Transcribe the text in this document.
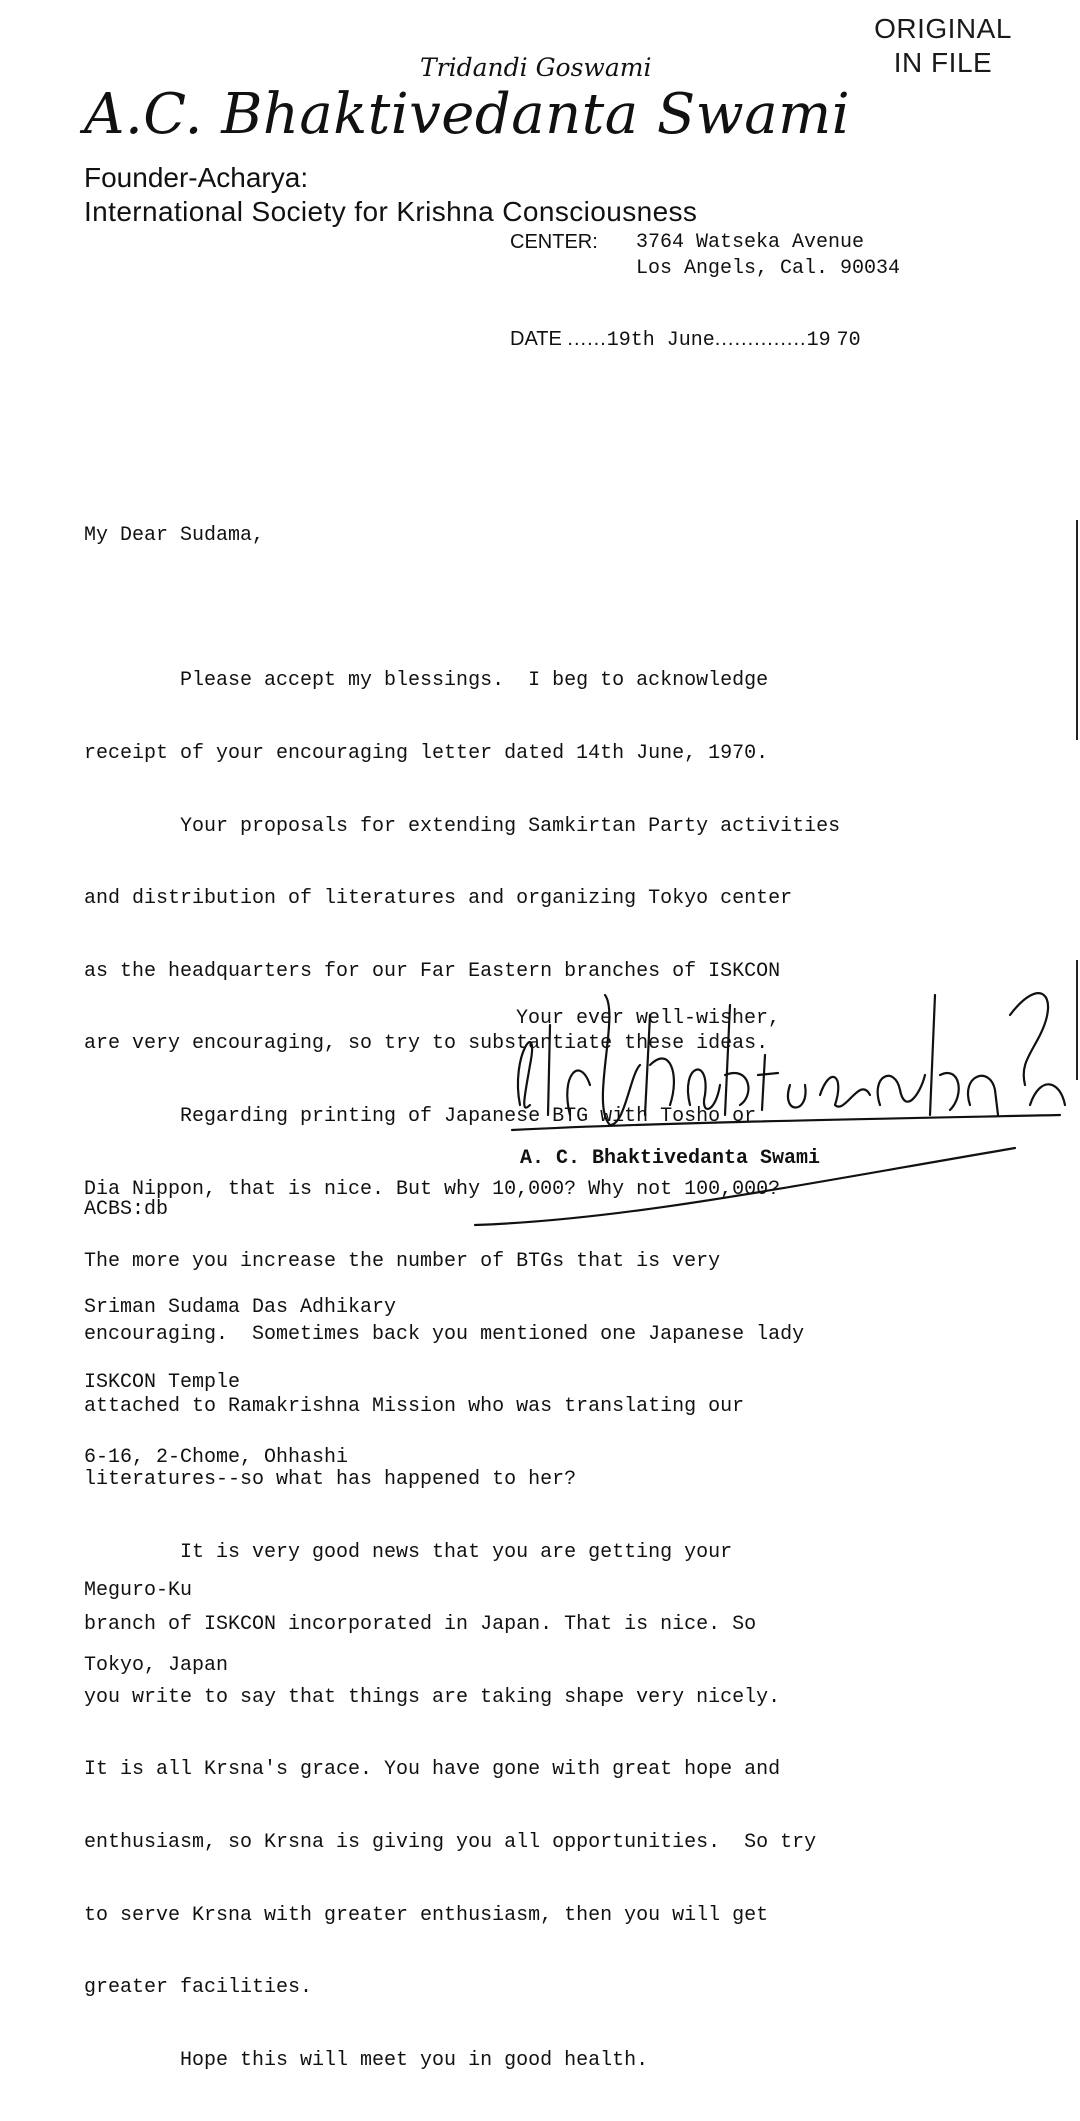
ORIGINAL
IN FILE
Tridandi Goswami
A.C. Bhaktivedanta Swami
Founder-Acharya:
International Society for Krishna Consciousness
CENTER: 3764 Watseka Avenue
Los Angels, Cal. 90034
DATE ......19th June..............19 70

My Dear Sudama,

Please accept my blessings.  I beg to acknowledge

receipt of your encouraging letter dated 14th June, 1970.

Your proposals for extending Samkirtan Party activities

and distribution of literatures and organizing Tokyo center

as the headquarters for our Far Eastern branches of ISKCON

are very encouraging, so try to substantiate these ideas.

Regarding printing of Japanese BTG with Tosho or

Dia Nippon, that is nice. But why 10,000? Why not 100,000?

The more you increase the number of BTGs that is very

encouraging.  Sometimes back you mentioned one Japanese lady

attached to Ramakrishna Mission who was translating our

literatures--so what has happened to her?

It is very good news that you are getting your

branch of ISKCON incorporated in Japan. That is nice. So

you write to say that things are taking shape very nicely.

It is all Krsna's grace. You have gone with great hope and

enthusiasm, so Krsna is giving you all opportunities.  So try

to serve Krsna with greater enthusiasm, then you will get

greater facilities.

Hope this will meet you in good health.

Your ever well-wisher,
A. C. Bhaktivedanta Swami
ACBS:db

Sriman Sudama Das Adhikary

ISKCON Temple

6-16, 2-Chome, Ohhashi

Meguro-Ku

Tokyo, Japan
